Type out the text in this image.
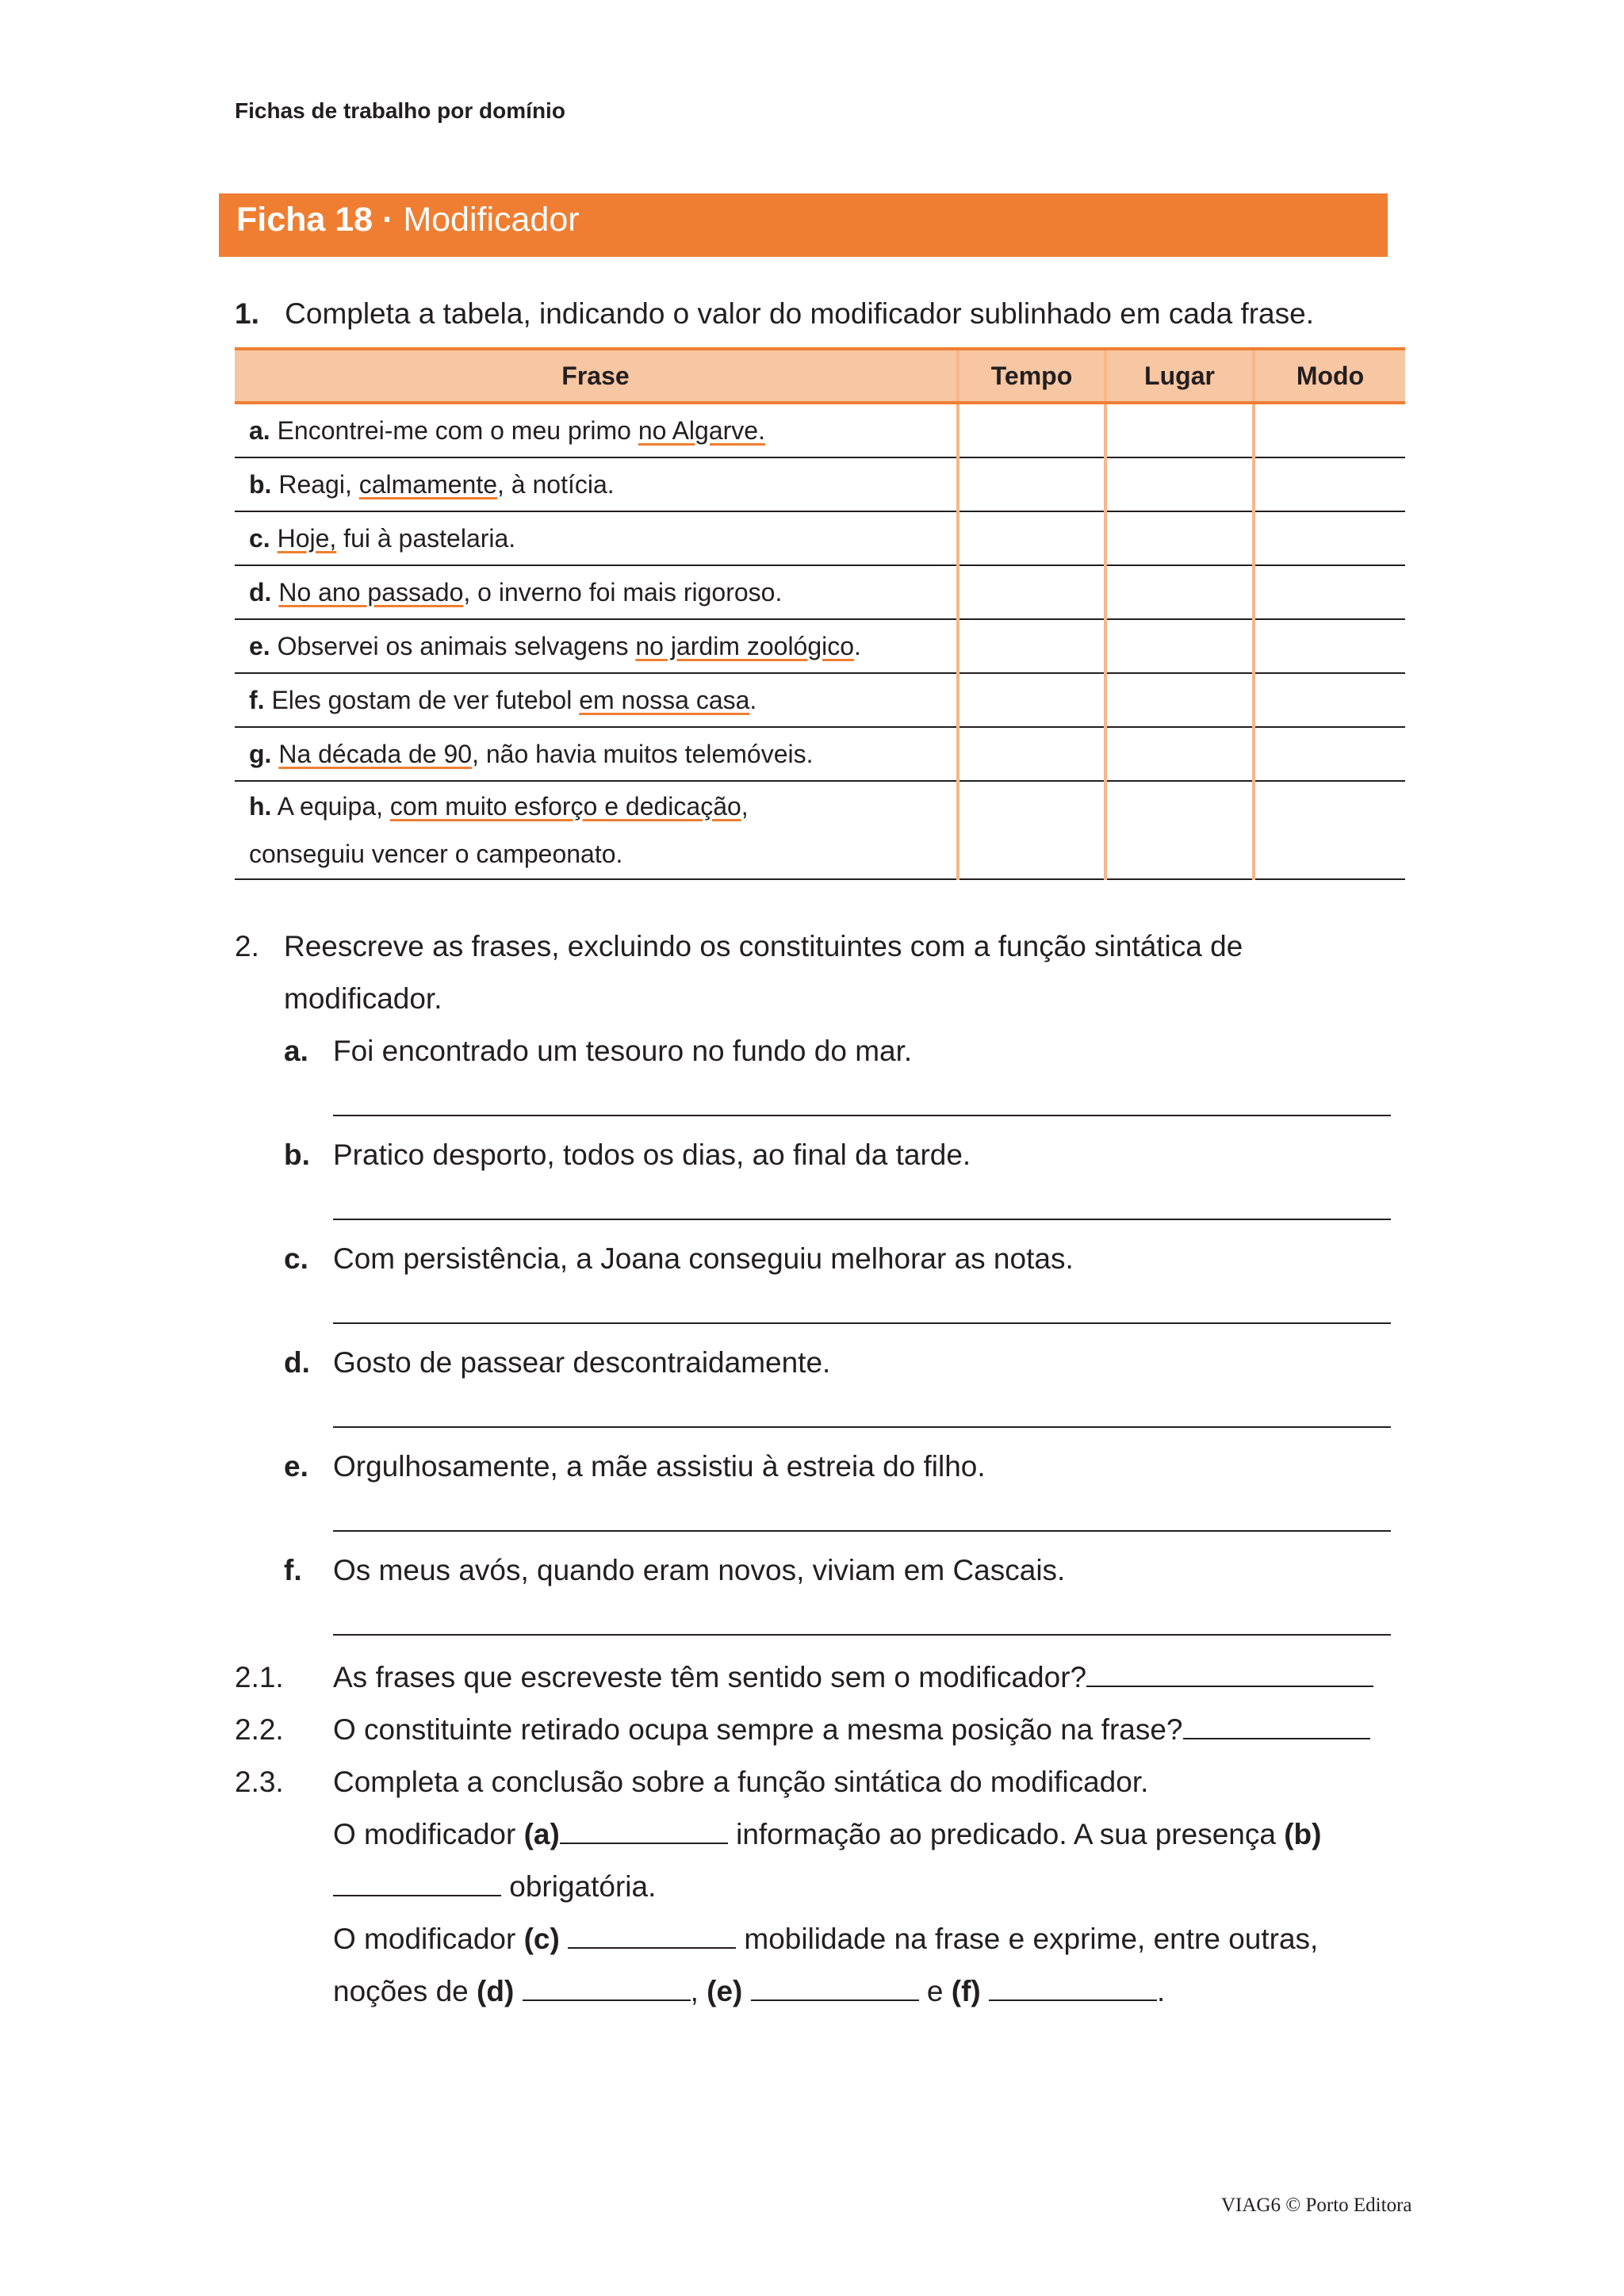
Fichas de trabalho por domínio
Ficha 18 · Modificador
1. Completa a tabela, indicando o valor do modificador sublinhado em cada frase.
Frase	Tempo	Lugar	Modo
a. Encontrei-me com o meu primo no Algarve.			
b. Reagi, calmamente, à notícia.			
c. Hoje, fui à pastelaria.			
d. No ano passado, o inverno foi mais rigoroso.			
e. Observei os animais selvagens no jardim zoológico.			
f. Eles gostam de ver futebol em nossa casa.			
g. Na década de 90, não havia muitos telemóveis.			
h. A equipa, com muito esforço e dedicação,
conseguiu vencer o campeonato.			
2. Reescreve as frases, excluindo os constituintes com a função sintática de
modificador.
a. Foi encontrado um tesouro no fundo do mar.
b. Pratico desporto, todos os dias, ao final da tarde.
c. Com persistência, a Joana conseguiu melhorar as notas.
d. Gosto de passear descontraidamente.
e. Orgulhosamente, a mãe assistiu à estreia do filho.
f. Os meus avós, quando eram novos, viviam em Cascais.
2.1. As frases que escreveste têm sentido sem o modificador?
2.2. O constituinte retirado ocupa sempre a mesma posição na frase?
2.3. Completa a conclusão sobre a função sintática do modificador.
O modificador (a)	informação ao predicado. A sua presença (b)
obrigatória.
O modificador (c)	mobilidade na frase e exprime, entre outras,
noções de (d)	, (e)	e (f)	.
VIAG6 © Porto Editora
